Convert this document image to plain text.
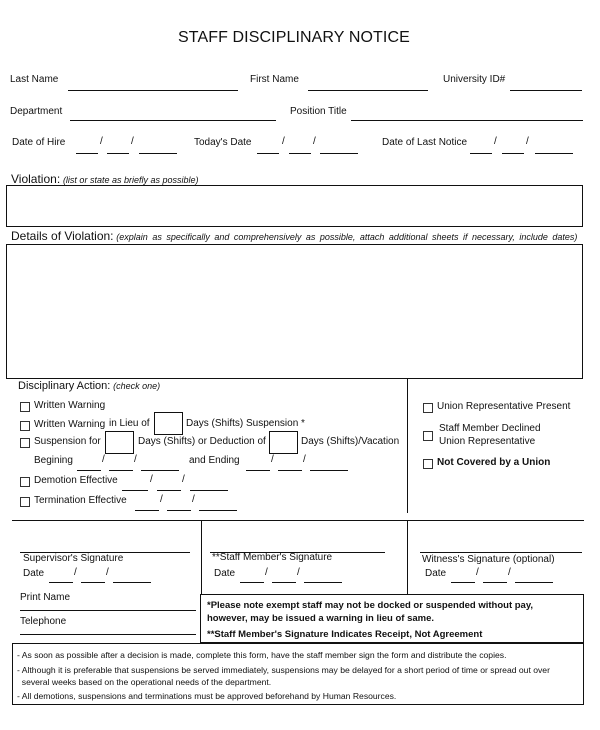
STAFF DISCIPLINARY NOTICE
Last Name	First Name	University ID#
Department	Position Title
Date of Hire	/	/	Today's Date	/	/	Date of Last Notice	/	/
Violation: (list or state as briefly as possible)
Details of Violation: (explain as specifically and comprehensively as possible, attach additional sheets if necessary, include dates)
Disciplinary Action: (check one)
Written Warning
Written Warning in Lieu of	Days (Shifts) Suspension *
Suspension for	Days (Shifts) or Deduction of	Days (Shifts)/Vacation
Begining	/	/	and Ending	/	/
Demotion Effective	/	/
Termination Effective	/	/
Union Representative Present
Staff Member Declined
Union Representative
Not Covered by a Union
Supervisor's Signature
Date	/	/
**Staff Member's Signature
Date	/	/
Witness's Signature (optional)
Date	/	/
Print Name
Telephone
*Please note exempt staff may not be docked or suspended without pay,
however, may be issued a warning in lieu of same.
**Staff Member's Signature Indicates Receipt, Not Agreement
- As soon as possible after a decision is made, complete this form, have the staff member sign the form and distribute the copies.
- Although it is preferable that suspensions be served immediately, suspensions may be delayed for a short period of time or spread out over
several weeks based on the operational needs of the department.
- All demotions, suspensions and terminations must be approved beforehand by Human Resources.
